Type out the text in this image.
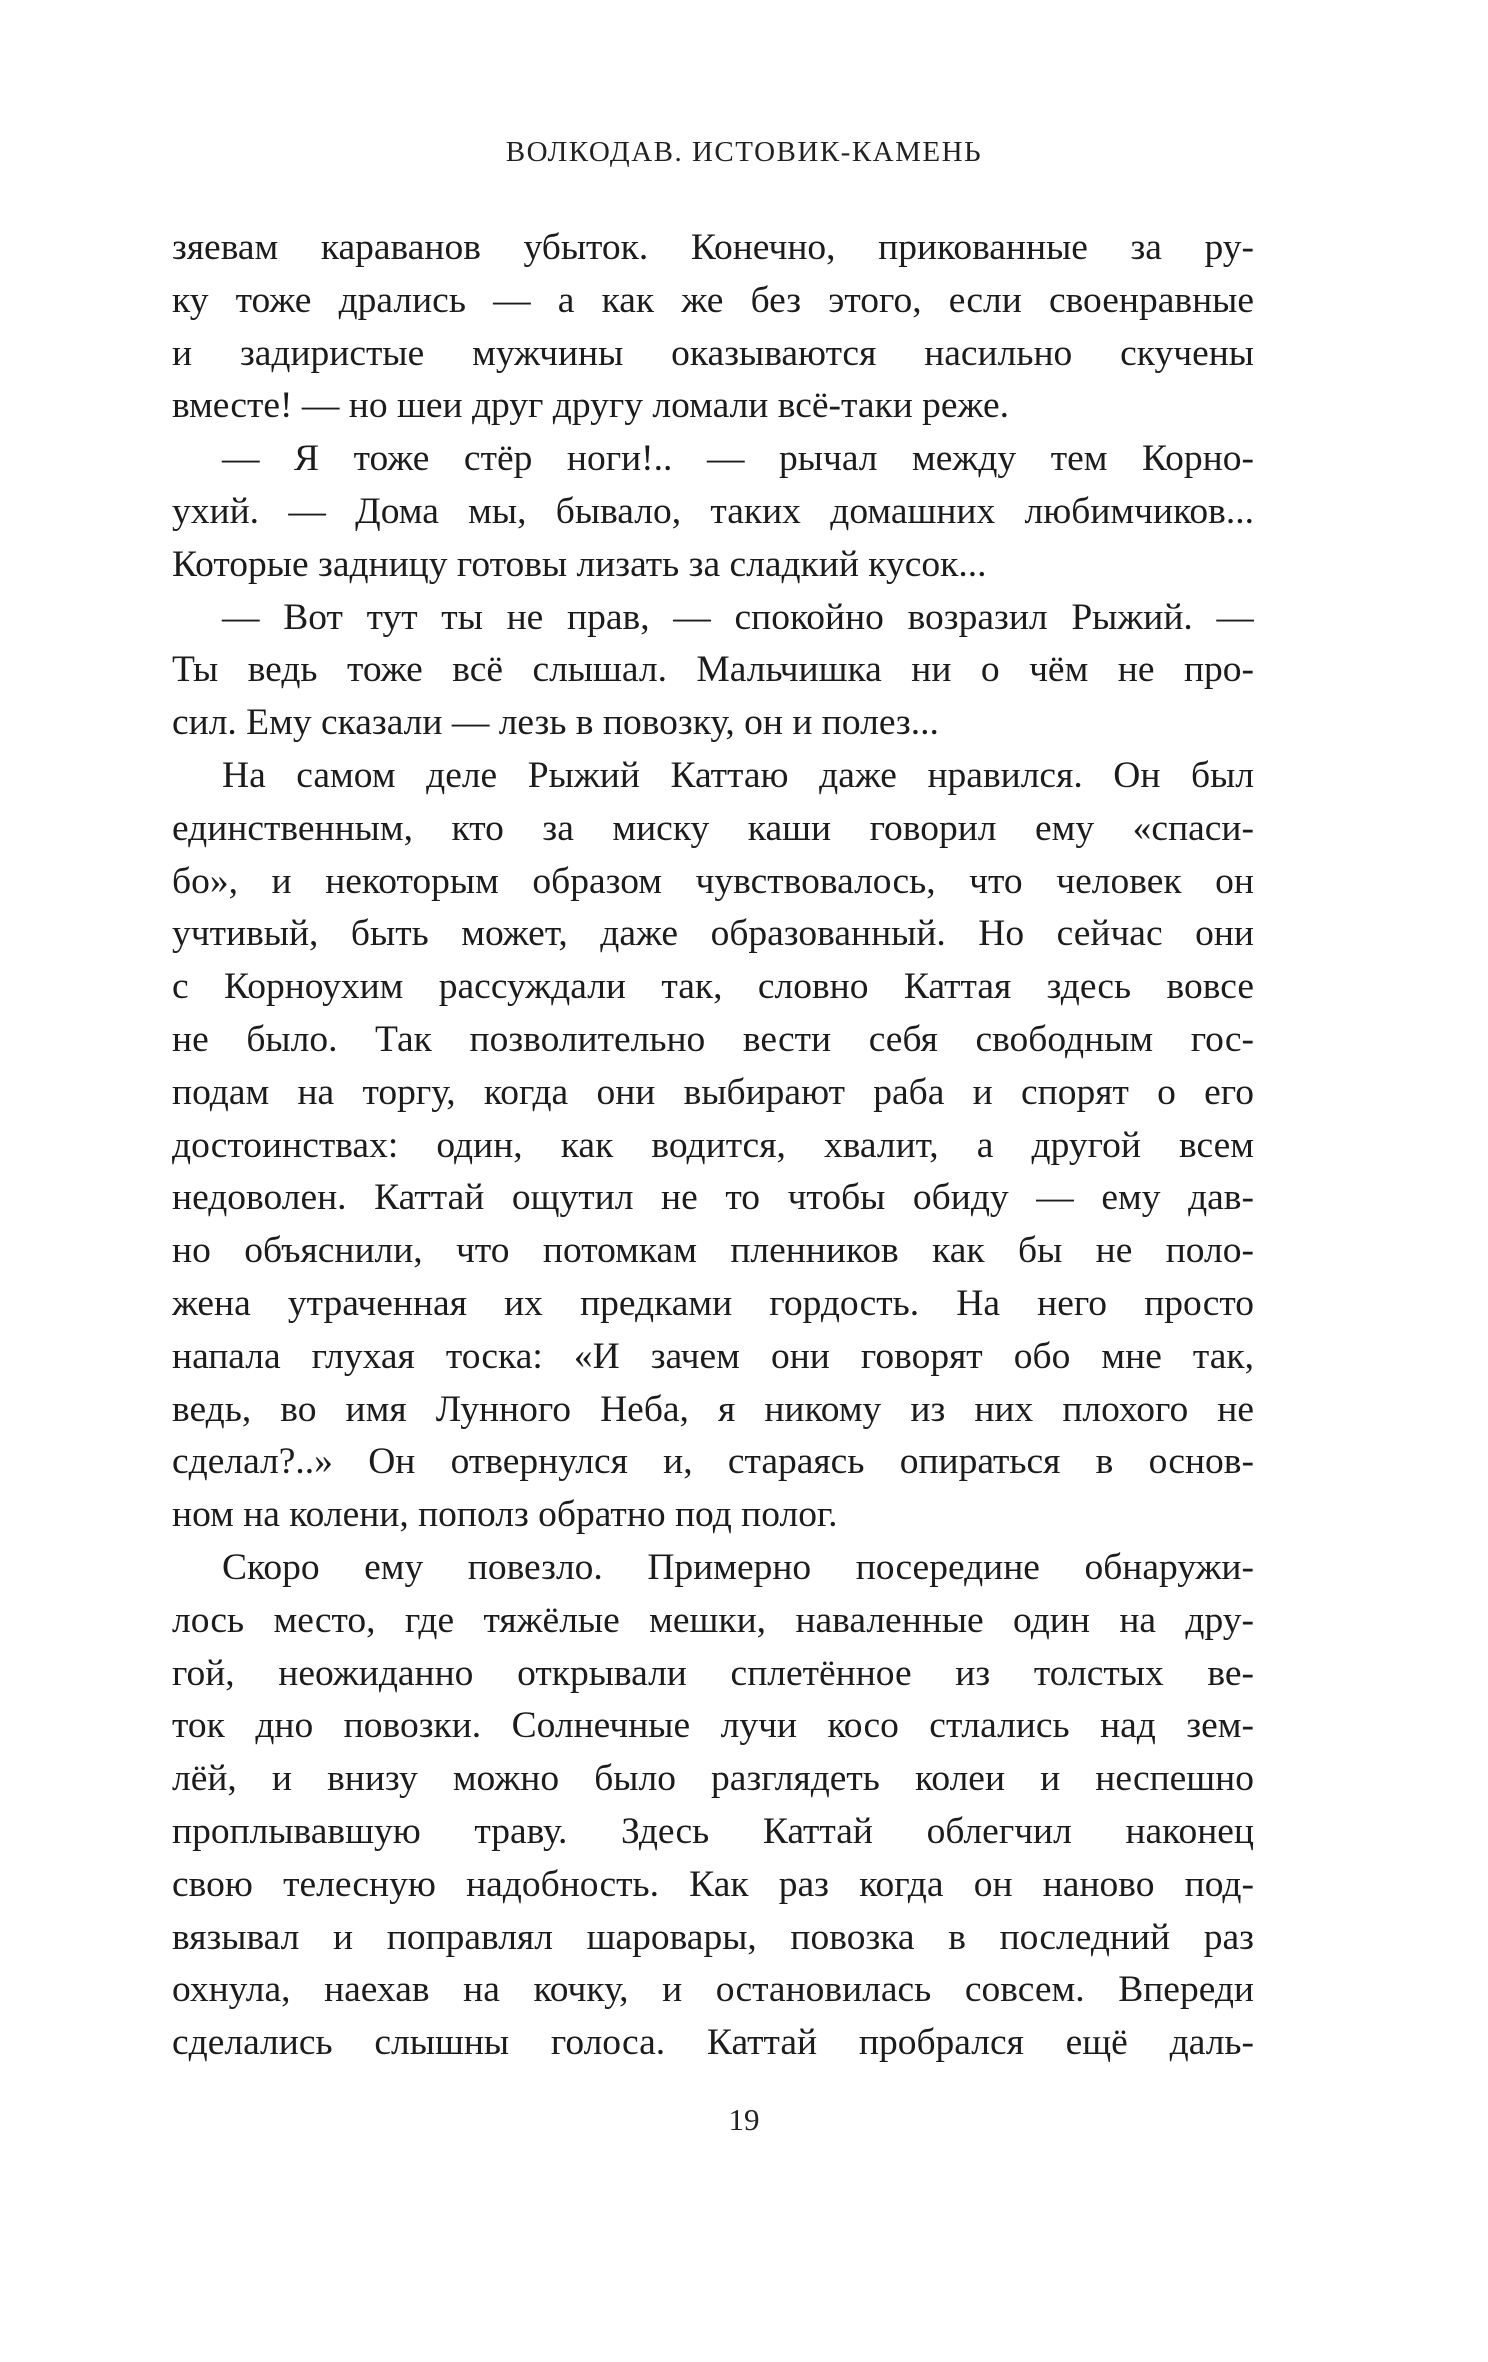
ВОЛКОДАВ. ИСТОВИК-КАМЕНЬ
зяевам караванов убыток. Конечно, прикованные за ру-
ку тоже дрались — а как же без этого, если своенравные
и задиристые мужчины оказываются насильно скучены
вместе! — но шеи друг другу ломали всё-таки реже.
— Я тоже стёр ноги!.. — рычал между тем Корно-
ухий. — Дома мы, бывало, таких домашних любимчиков...
Которые задницу готовы лизать за сладкий кусок...
— Вот тут ты не прав, — спокойно возразил Рыжий. —
Ты ведь тоже всё слышал. Мальчишка ни о чём не про-
сил. Ему сказали — лезь в повозку, он и полез...
На самом деле Рыжий Каттаю даже нравился. Он был
единственным, кто за миску каши говорил ему «спаси-
бо», и некоторым образом чувствовалось, что человек он
учтивый, быть может, даже образованный. Но сейчас они
с Корноухим рассуждали так, словно Каттая здесь вовсе
не было. Так позволительно вести себя свободным гос-
подам на торгу, когда они выбирают раба и спорят о его
достоинствах: один, как водится, хвалит, а другой всем
недоволен. Каттай ощутил не то чтобы обиду — ему дав-
но объяснили, что потомкам пленников как бы не поло-
жена утраченная их предками гордость. На него просто
напала глухая тоска: «И зачем они говорят обо мне так,
ведь, во имя Лунного Неба, я никому из них плохого не
сделал?..» Он отвернулся и, стараясь опираться в основ-
ном на колени, пополз обратно под полог.
Скоро ему повезло. Примерно посередине обнаружи-
лось место, где тяжёлые мешки, наваленные один на дру-
гой, неожиданно открывали сплетённое из толстых ве-
ток дно повозки. Солнечные лучи косо стлались над зем-
лёй, и внизу можно было разглядеть колеи и неспешно
проплывавшую траву. Здесь Каттай облегчил наконец
свою телесную надобность. Как раз когда он наново под-
вязывал и поправлял шаровары, повозка в последний раз
охнула, наехав на кочку, и остановилась совсем. Впереди
сделались слышны голоса. Каттай пробрался ещё даль-
19
